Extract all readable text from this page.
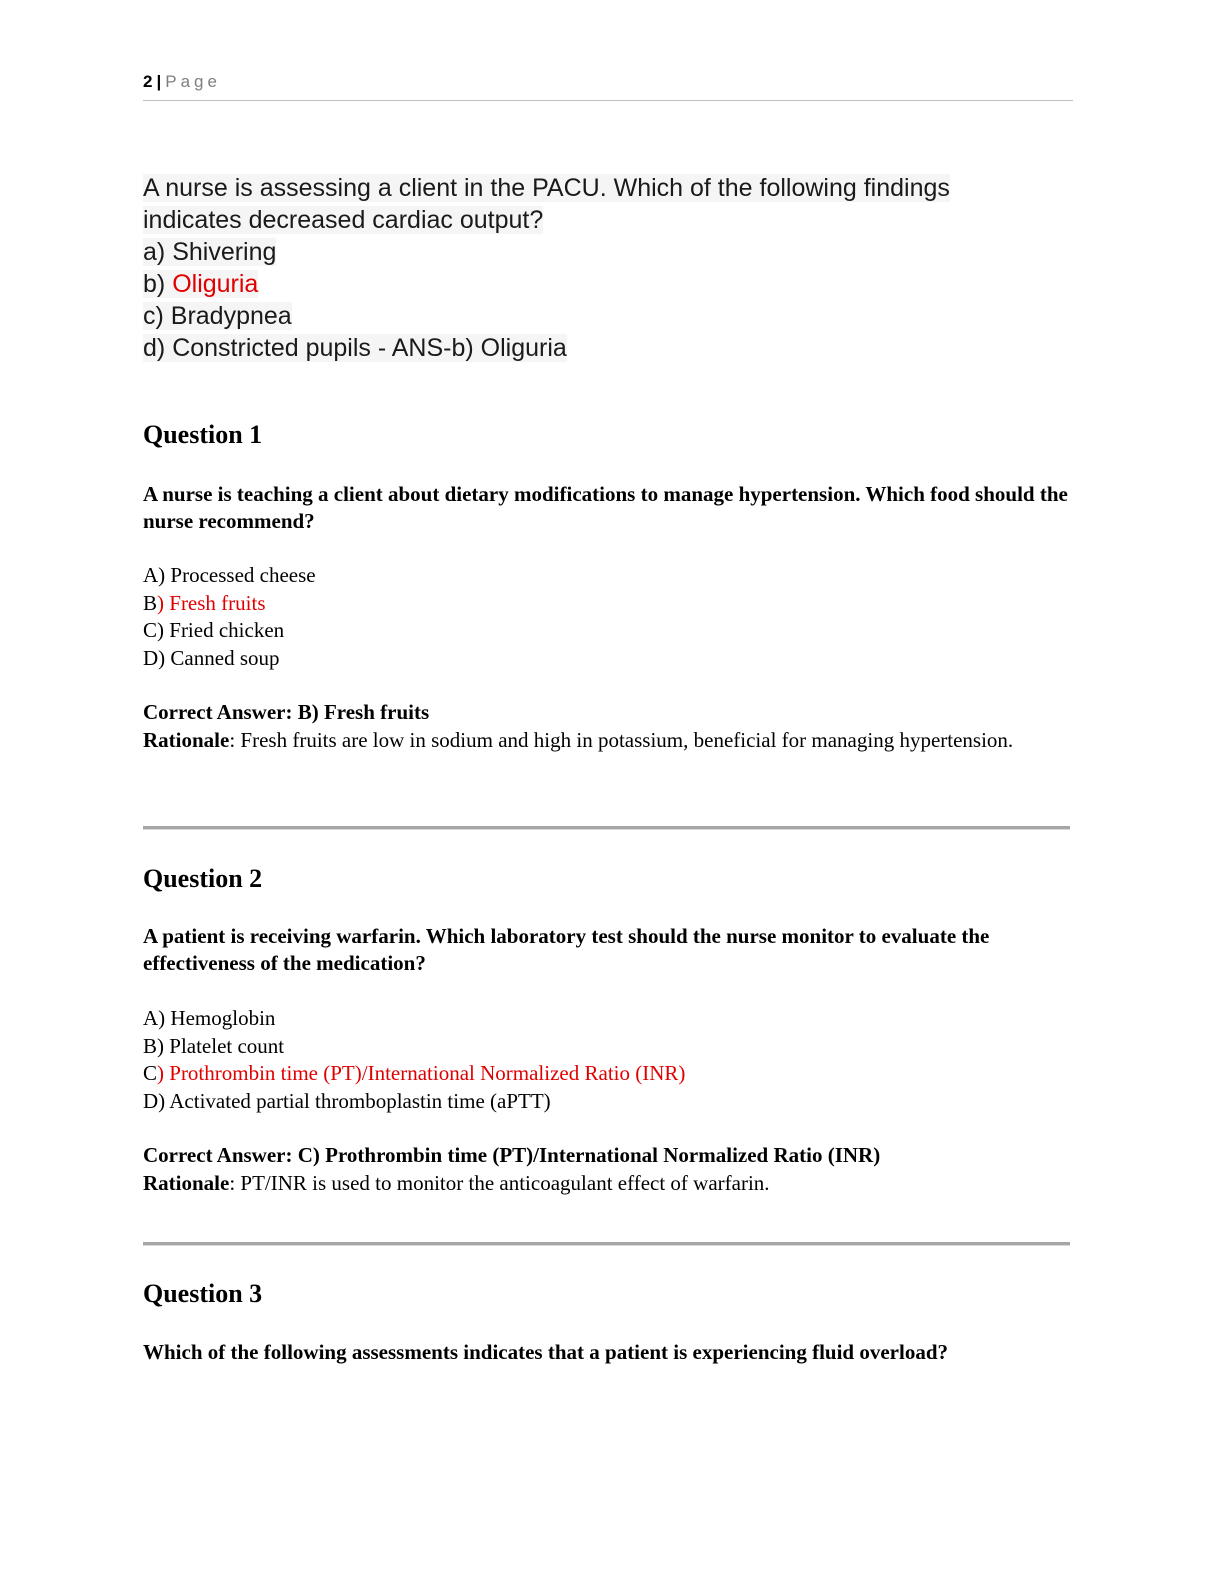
2 | Page
A nurse is assessing a client in the PACU. Which of the following findings
indicates decreased cardiac output?
a) Shivering
b) Oliguria
c) Bradypnea
d) Constricted pupils - ANS-b) Oliguria
Question 1
A nurse is teaching a client about dietary modifications to manage hypertension. Which food should the nurse recommend?
A) Processed cheese
B) Fresh fruits
C) Fried chicken
D) Canned soup
Correct Answer: B) Fresh fruits
Rationale: Fresh fruits are low in sodium and high in potassium, beneficial for managing hypertension.
Question 2
A patient is receiving warfarin. Which laboratory test should the nurse monitor to evaluate the effectiveness of the medication?
A) Hemoglobin
B) Platelet count
C) Prothrombin time (PT)/International Normalized Ratio (INR)
D) Activated partial thromboplastin time (aPTT)
Correct Answer: C) Prothrombin time (PT)/International Normalized Ratio (INR)
Rationale: PT/INR is used to monitor the anticoagulant effect of warfarin.
Question 3
Which of the following assessments indicates that a patient is experiencing fluid overload?
